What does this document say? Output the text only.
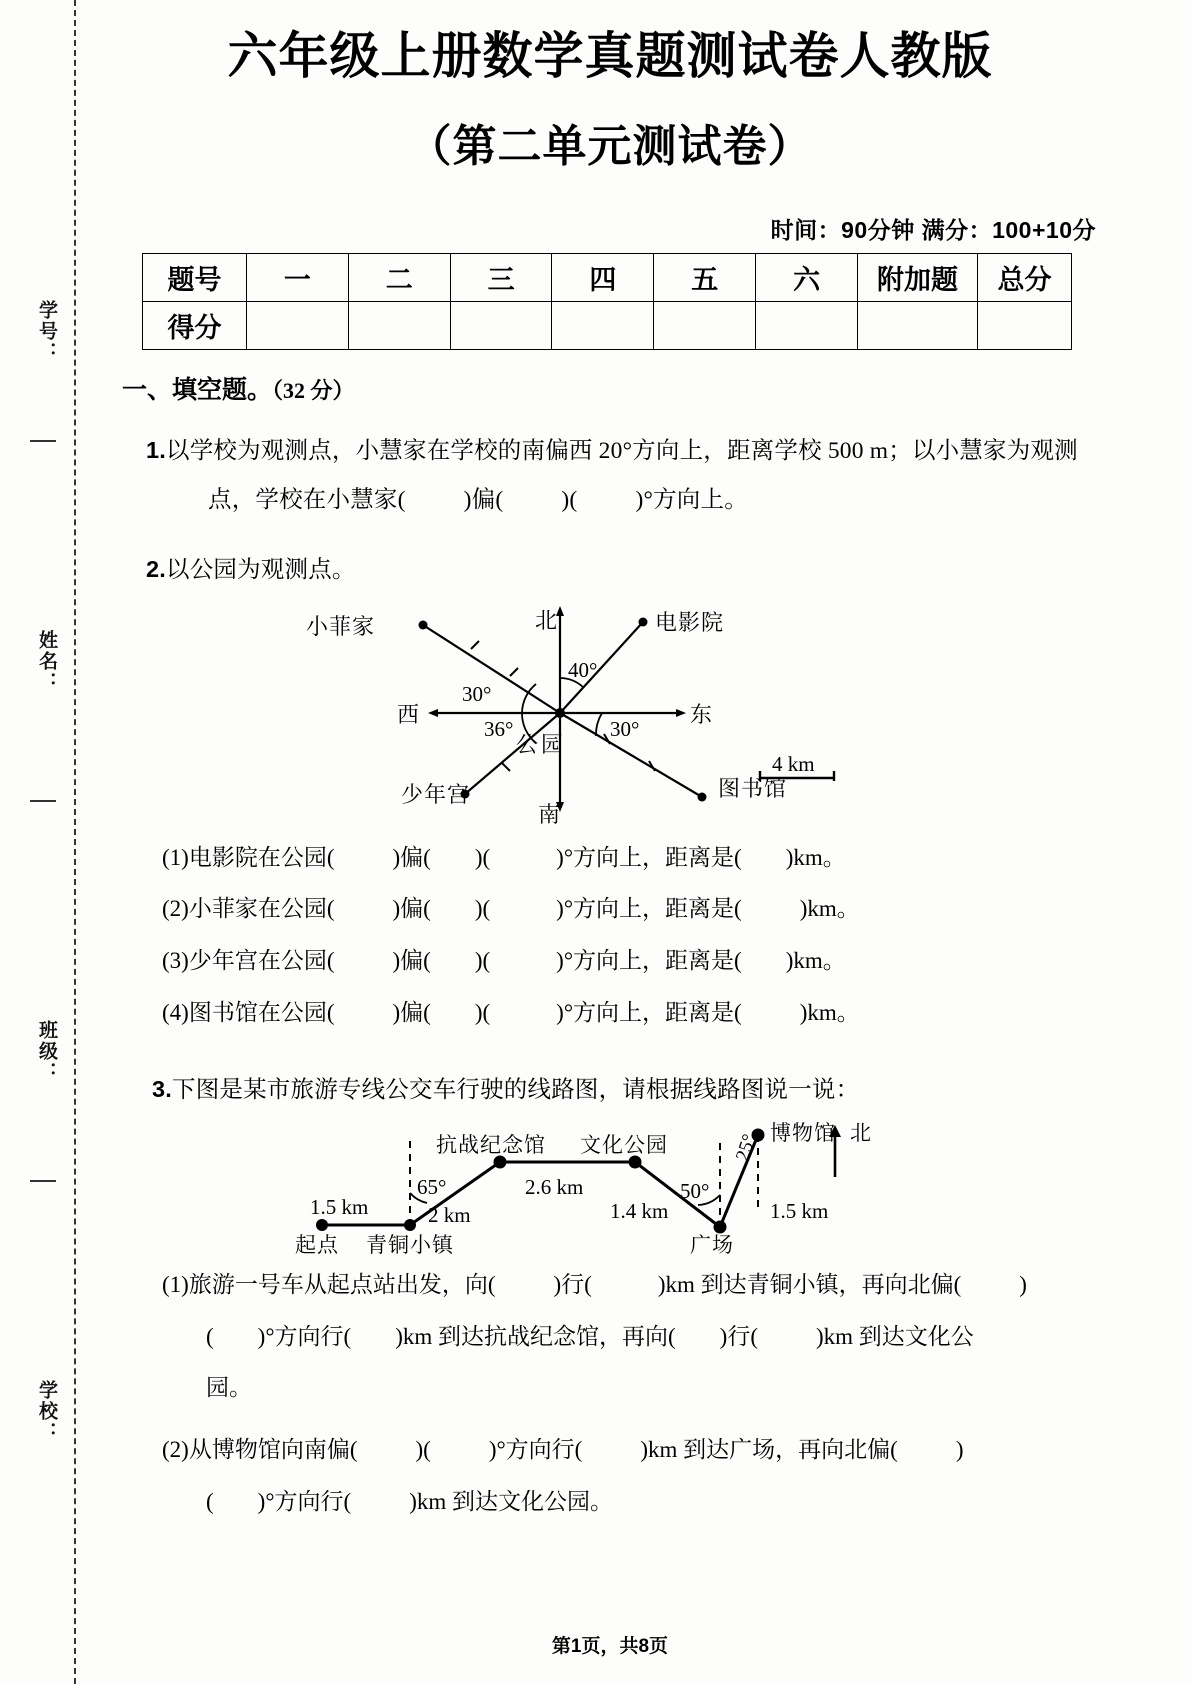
学号：
姓名：
班级：
学校：
六年级上册数学真题测试卷人教版
（第二单元测试卷）
时间：90分钟 满分：100+10分
题号	一	二	三	四	五	六	附加题	总分
得分								
一、填空题。（32 分）
1.以学校为观测点，小慧家在学校的南偏西 20°方向上，距离学校 500 m；以小慧家为观测
点，学校在小慧家( )偏( )( )°方向上。
2.以公园为观测点。
小菲家	电影院
少年宫	图书馆
北
南
东
西
公园
40°
30°
36°	30°
4 km
(1)电影院在公园(	)偏( )(	)°方向上，距离是( )km。
(2)小菲家在公园(	)偏( )(	)°方向上，距离是(	)km。
(3)少年宫在公园(	)偏( )(	)°方向上，距离是( )km。
(4)图书馆在公园(	)偏( )(	)°方向上，距离是(	)km。
3.下图是某市旅游专线公交车行驶的线路图，请根据线路图说一说：
抗战纪念馆 文化公园	博物馆 北
1.5 km	2 km
2.6 km
1.4 km	1.5 km
65°	50°
25°
起点 青铜小镇	广场
(1)旅游一号车从起点站出发，向(	)行(	)km 到达青铜小镇，再向北偏(	)
( )°方向行( )km 到达抗战纪念馆，再向( )行(	)km 到达文化公
园。
(2)从博物馆向南偏(	)(	)°方向行(	)km 到达广场，再向北偏(	)
( )°方向行(	)km 到达文化公园。
第1页，共8页
